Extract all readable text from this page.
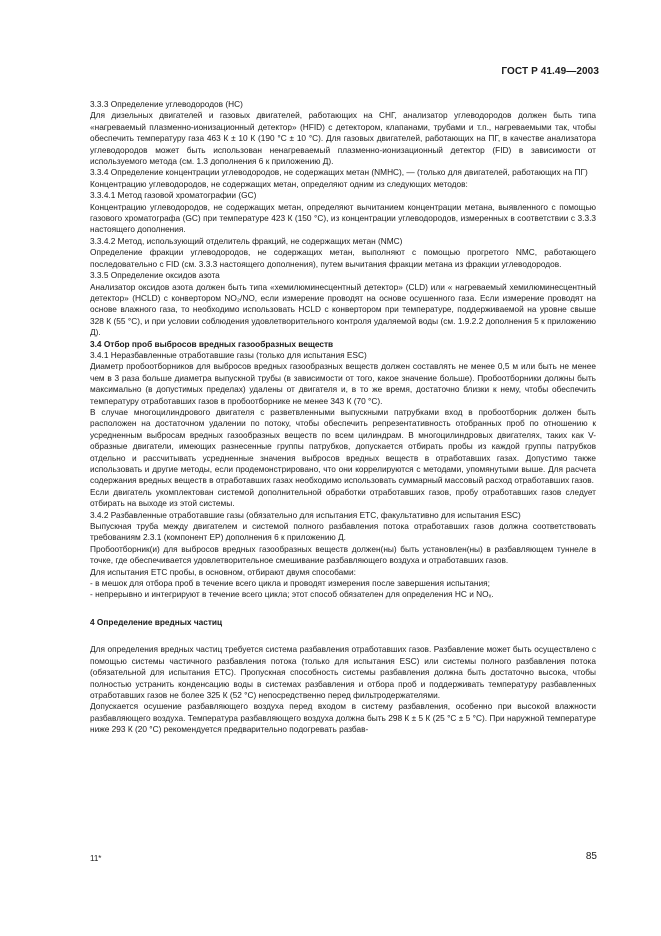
ГОСТ Р 41.49—2003

3.3.3 Определение углеводородов (НС)

Для дизельных двигателей и газовых двигателей, работающих на СНГ, анализатор углеводородов должен быть типа «нагреваемый плазменно-ионизационный детектор» (HFID) с детектором, клапанами, трубами и т.п., нагреваемыми так, чтобы обеспечить температуру газа 463 К ± 10 К (190 °С ± 10 °С). Для газовых двигателей, работающих на ПГ, в качестве анализатора углеводородов может быть использован ненагреваемый плазменно-ионизационный детектор (FID) в зависимости от используемого метода (см. 1.3 дополнения 6 к приложению Д).

3.3.4 Определение концентрации углеводородов, не содержащих метан (NMHC), — (только для двигателей, работающих на ПГ)

Концентрацию углеводородов, не содержащих метан, определяют одним из следующих методов:

3.3.4.1 Метод газовой хроматографии (GC)

Концентрацию углеводородов, не содержащих метан, определяют вычитанием концентрации метана, выявленного с помощью газового хроматографа (GC) при температуре 423 К (150 °С), из концентрации углеводородов, измеренных в соответствии с 3.3.3 настоящего дополнения.

3.3.4.2 Метод, использующий отделитель фракций, не содержащих метан (NMC)

Определение фракции углеводородов, не содержащих метан, выполняют с помощью прогретого NMC, работающего последовательно с FID (см. 3.3.3 настоящего дополнения), путем вычитания фракции метана из фракции углеводородов.

3.3.5 Определение оксидов азота

Анализатор оксидов азота должен быть типа «хемилюминесцентный детектор» (CLD) или « нагреваемый хемилюминесцентный детектор» (HCLD) с конвертором NO₂/NO, если измерение проводят на основе осушенного газа. Если измерение проводят на основе влажного газа, то необходимо использовать HCLD с конвертором при температуре, поддерживаемой на уровне свыше 328 К (55 °С), и при условии соблюдения удовлетворительного контроля удаляемой воды (см. 1.9.2.2 дополнения 5 к приложению Д).

3.4 Отбор проб выбросов вредных газообразных веществ

3.4.1 Неразбавленные отработавшие газы (только для испытания ESC)

Диаметр пробоотборников для выбросов вредных газообразных веществ должен составлять не менее 0,5 м или быть не менее чем в 3 раза больше диаметра выпускной трубы (в зависимости от того, какое значение больше). Пробоотборники должны быть максимально (в допустимых пределах) удалены от двигателя и, в то же время, достаточно близки к нему, чтобы обеспечить температуру отработавших газов в пробоотборнике не менее 343 К (70 °С).

В случае многоцилиндрового двигателя с разветвленными выпускными патрубками вход в пробоотборник должен быть расположен на достаточном удалении по потоку, чтобы обеспечить репрезентативность отобранных проб по отношению к усредненным выбросам вредных газообразных веществ по всем цилиндрам. В многоцилиндровых двигателях, таких как V-образные двигатели, имеющих разнесенные группы патрубков, допускается отбирать пробы из каждой группы патрубков отдельно и рассчитывать усредненные значения выбросов вредных веществ в отработавших газах. Допустимо также использовать и другие методы, если продемонстрировано, что они коррелируются с методами, упомянутыми выше. Для расчета содержания вредных веществ в отработавших газах необходимо использовать суммарный массовый расход отработавших газов.

Если двигатель укомплектован системой дополнительной обработки отработавших газов, пробу отработавших газов следует отбирать на выходе из этой системы.

3.4.2 Разбавленные отработавшие газы (обязательно для испытания ETC, факультативно для испытания ESC)

Выпускная труба между двигателем и системой полного разбавления потока отработавших газов должна соответствовать требованиям 2.3.1 (компонент EP) дополнения 6 к приложению Д.

Пробоотборник(и) для выбросов вредных газообразных веществ должен(ны) быть установлен(ны) в разбавляющем туннеле в точке, где обеспечивается удовлетворительное смешивание разбавляющего воздуха и отработавших газов.

Для испытания ETC пробы, в основном, отбирают двумя способами:

- в мешок для отбора проб в течение всего цикла и проводят измерения после завершения испытания;

- непрерывно и интегрируют в течение всего цикла; этот способ обязателен для определения НС и NOₓ.

4 Определение вредных частиц

Для определения вредных частиц требуется система разбавления отработавших газов. Разбавление может быть осуществлено с помощью системы частичного разбавления потока (только для испытания ESC) или системы полного разбавления потока (обязательной для испытания ETC). Пропускная способность системы разбавления должна быть достаточно высока, чтобы полностью устранить конденсацию воды в системах разбавления и отбора проб и поддерживать температуру разбавленных отработавших газов не более 325 К (52 °С) непосредственно перед фильтродержателями.

Допускается осушение разбавляющего воздуха перед входом в систему разбавления, особенно при высокой влажности разбавляющего воздуха. Температура разбавляющего воздуха должна быть 298 К ± 5 К (25 °С ± 5 °С). При наружной температуре ниже 293 К (20 °С) рекомендуется предварительно подогревать разбав-

11*	85
